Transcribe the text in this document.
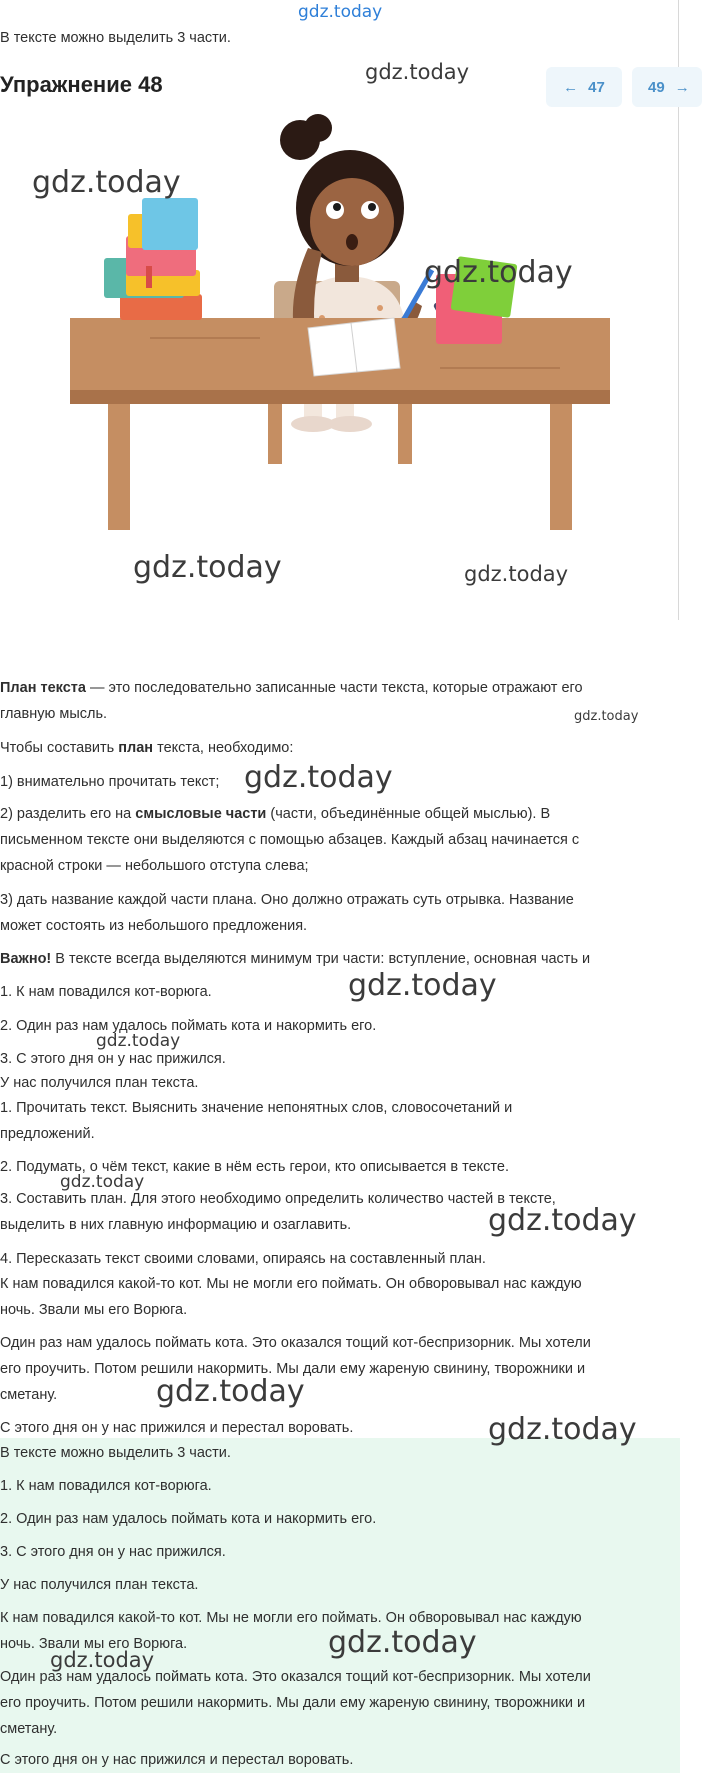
gdz.today
gdz.today
В тексте можно выделить 3 части.
Упражнение 48	← 47	49 →
gdz.today
gdz.today
gdz.today	gdz.today
План текста — это последовательно записанные части текста, которые отражают его
главную мысль.	gdz.today
Чтобы составить план текста, необходимо:
1) внимательно прочитать текст; gdz.today
2) разделить его на смысловые части (части, объединённые общей мыслью). В
письменном тексте они выделяются с помощью абзацев. Каждый абзац начинается с
красной строки — небольшого отступа слева;
3) дать название каждой части плана. Оно должно отражать суть отрывка. Название
может состоять из небольшого предложения.
Важно! В тексте всегда выделяются минимум три части: вступление, основная часть и
gdz.today
1. К нам повадился кот-ворюга.
2. Один раз нам удалось поймать кота и накормить его.
gdz.today
3. С этого дня он у нас прижился.
У нас получился план текста.
1. Прочитать текст. Выяснить значение непонятных слов, словосочетаний и
предложений.
2. Подумать, о чём текст, какие в нём есть герои, кто описывается в тексте.
gdz.today
3. Составить план. Для этого необходимо определить количество частей в тексте,
выделить в них главную информацию и озаглавить.	gdz.today
4. Пересказать текст своими словами, опираясь на составленный план.
К нам повадился какой-то кот. Мы не могли его поймать. Он обворовывал нас каждую
ночь. Звали мы его Ворюга.
Один раз нам удалось поймать кота. Это оказался тощий кот-беспризорник. Мы хотели
его проучить. Потом решили накормить. Мы дали ему жареную свинину, творожники и
сметану.	gdz.today
С этого дня он у нас прижился и перестал воровать.	gdz.today
В тексте можно выделить 3 части.
1. К нам повадился кот-ворюга.
2. Один раз нам удалось поймать кота и накормить его.
3. С этого дня он у нас прижился.
У нас получился план текста.
К нам повадился какой-то кот. Мы не могли его поймать. Он обворовывал нас каждую
ночь. Звали мы его Ворюга.	gdz.today
gdz.today
Один раз нам удалось поймать кота. Это оказался тощий кот-беспризорник. Мы хотели
его проучить. Потом решили накормить. Мы дали ему жареную свинину, творожники и
сметану.
С этого дня он у нас прижился и перестал воровать.
